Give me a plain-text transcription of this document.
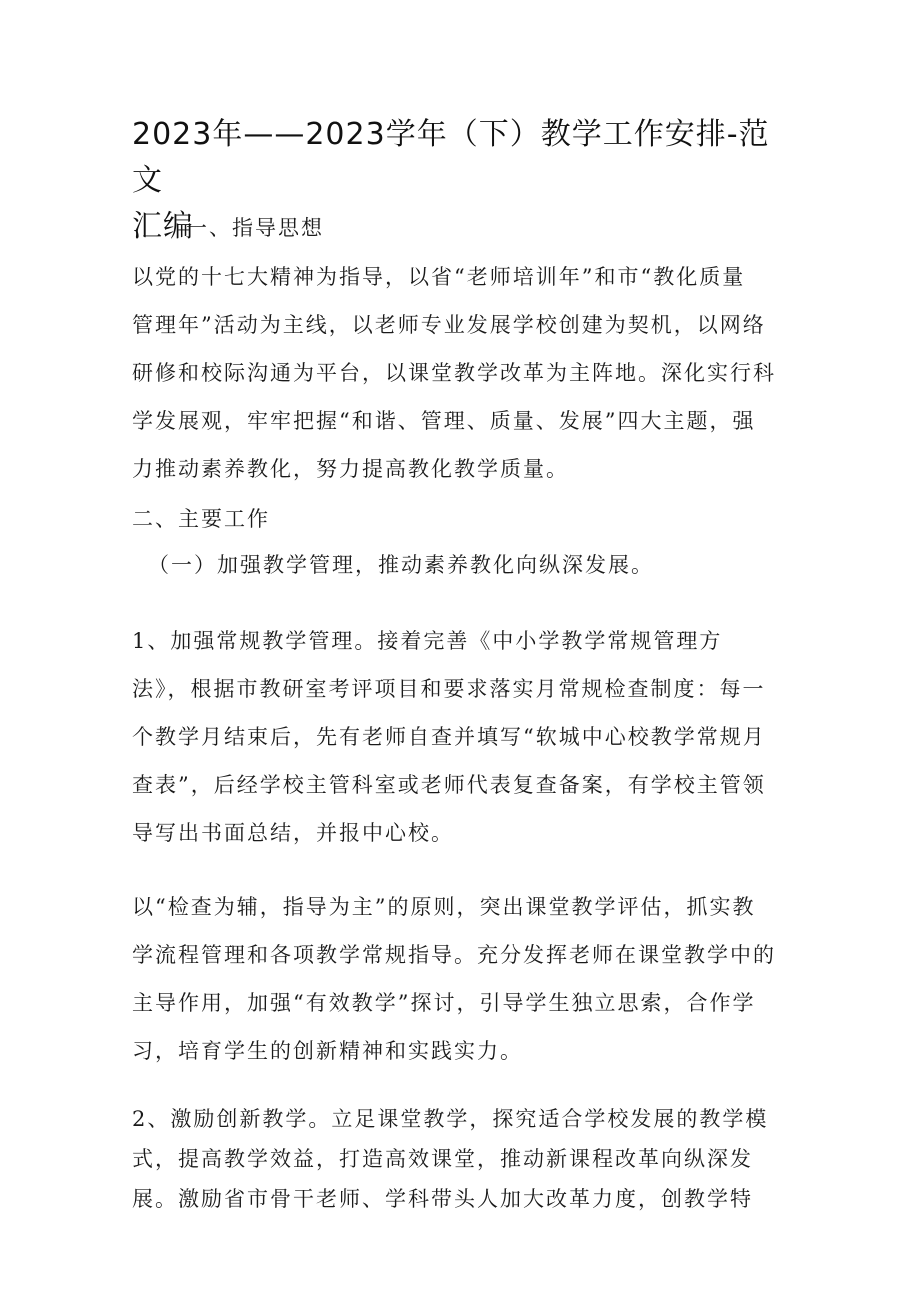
2023年——2023学年（下）教学工作安排-范文
汇编

一、指导思想

以党的十七大精神为指导，以省“老师培训年”和市“教化质量
管理年”活动为主线，以老师专业发展学校创建为契机，以网络
研修和校际沟通为平台，以课堂教学改革为主阵地。深化实行科
学发展观，牢牢把握“和谐、管理、质量、发展”四大主题，强
力推动素养教化，努力提高教化教学质量。

二、主要工作

（一）加强教学管理，推动素养教化向纵深发展。

1、加强常规教学管理。接着完善《中小学教学常规管理方
法》，根据市教研室考评项目和要求落实月常规检查制度：每一
个教学月结束后，先有老师自查并填写“软城中心校教学常规月
查表”，后经学校主管科室或老师代表复查备案，有学校主管领
导写出书面总结，并报中心校。
以“检查为辅，指导为主”的原则，突出课堂教学评估，抓实教
学流程管理和各项教学常规指导。充分发挥老师在课堂教学中的
主导作用，加强“有效教学”探讨，引导学生独立思索，合作学
习，培育学生的创新精神和实践实力。
2、激励创新教学。立足课堂教学，探究适合学校发展的教学模
式，提高教学效益，打造高效课堂，推动新课程改革向纵深发
展。激励省市骨干老师、学科带头人加大改革力度，创教学特
